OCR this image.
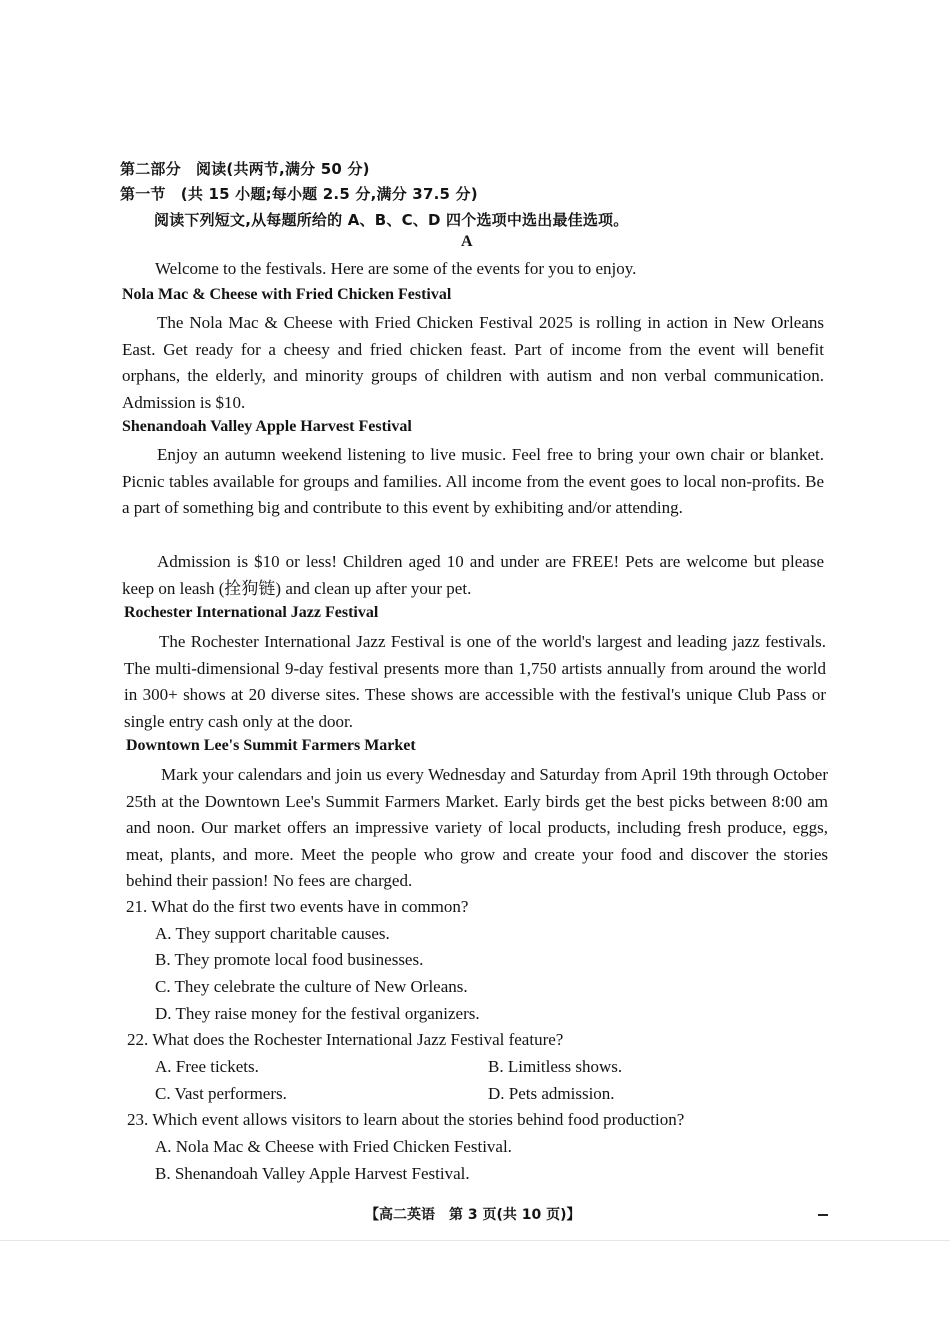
第二部分　阅读(共两节,满分 50 分)
第一节　(共 15 小题;每小题 2.5 分,满分 37.5 分)
阅读下列短文,从每题所给的 A、B、C、D 四个选项中选出最佳选项。
A
Welcome to the festivals. Here are some of the events for you to enjoy.
Nola Mac & Cheese with Fried Chicken Festival
The Nola Mac & Cheese with Fried Chicken Festival 2025 is rolling in action in New Orleans East. Get ready for a cheesy and fried chicken feast. Part of income from the event will benefit orphans, the elderly, and minority groups of children with autism and non verbal communication. Admission is $10.
Shenandoah Valley Apple Harvest Festival
Enjoy an autumn weekend listening to live music. Feel free to bring your own chair or blanket. Picnic tables available for groups and families. All income from the event goes to local non-profits. Be a part of something big and contribute to this event by exhibiting and/or attending.
Admission is $10 or less! Children aged 10 and under are FREE! Pets are welcome but please keep on leash (拴狗链) and clean up after your pet.
Rochester International Jazz Festival
The Rochester International Jazz Festival is one of the world's largest and leading jazz festivals. The multi-dimensional 9-day festival presents more than 1,750 artists annually from around the world in 300+ shows at 20 diverse sites. These shows are accessible with the festival's unique Club Pass or single entry cash only at the door.
Downtown Lee's Summit Farmers Market
Mark your calendars and join us every Wednesday and Saturday from April 19th through October 25th at the Downtown Lee's Summit Farmers Market. Early birds get the best picks between 8:00 am and noon. Our market offers an impressive variety of local products, including fresh produce, eggs, meat, plants, and more. Meet the people who grow and create your food and discover the stories behind their passion! No fees are charged.
21. What do the first two events have in common?
A. They support charitable causes.
B. They promote local food businesses.
C. They celebrate the culture of New Orleans.
D. They raise money for the festival organizers.
22. What does the Rochester International Jazz Festival feature?
A. Free tickets.	B. Limitless shows.
C. Vast performers.	D. Pets admission.
23. Which event allows visitors to learn about the stories behind food production?
A. Nola Mac & Cheese with Fried Chicken Festival.
B. Shenandoah Valley Apple Harvest Festival.
【高二英语　第 3 页(共 10 页)】
